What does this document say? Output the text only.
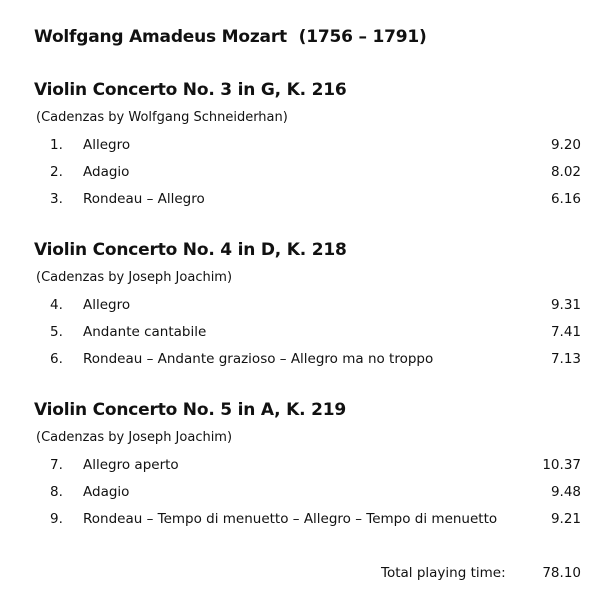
Wolfgang Amadeus Mozart (1756 – 1791)
Violin Concerto No. 3 in G, K. 216
(Cadenzas by Wolfgang Schneiderhan)
1. Allegro	9.20
2. Adagio	8.02
3. Rondeau – Allegro	6.16
Violin Concerto No. 4 in D, K. 218
(Cadenzas by Joseph Joachim)
4. Allegro	9.31
5. Andante cantabile	7.41
6. Rondeau – Andante grazioso – Allegro ma no troppo	7.13
Violin Concerto No. 5 in A, K. 219
(Cadenzas by Joseph Joachim)
7. Allegro aperto	10.37
8. Adagio	9.48
9. Rondeau – Tempo di menuetto – Allegro – Tempo di menuetto	9.21
Total playing time:	78.10
